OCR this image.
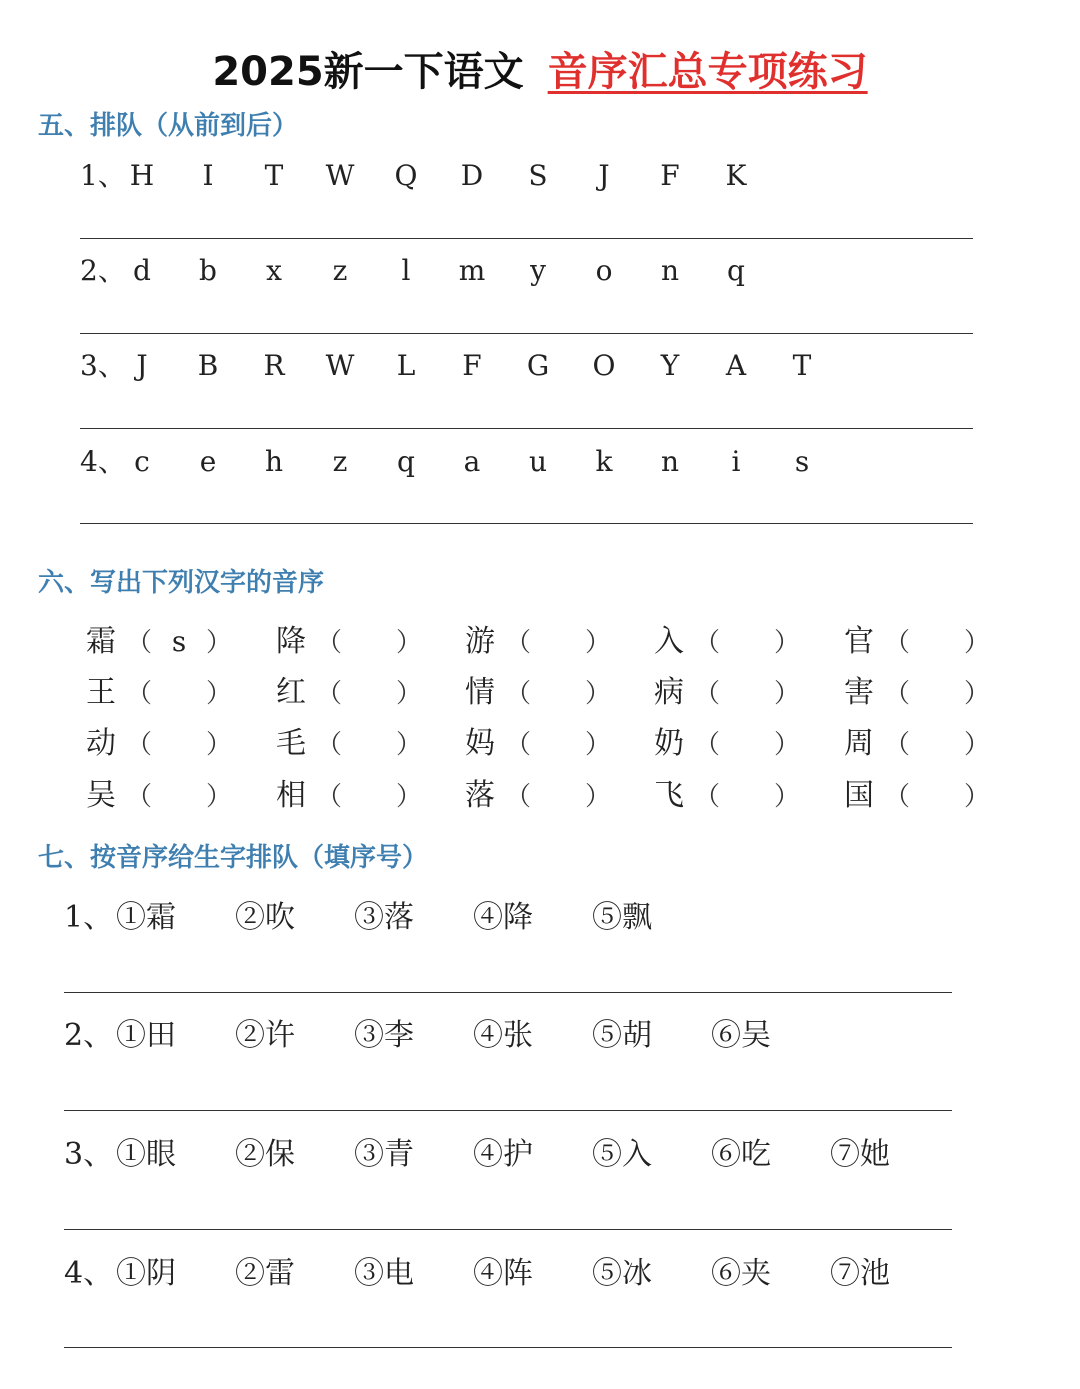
2025新一下语文 音序汇总专项练习
五、排队（从前到后）
1、 H	I	T	W	Q	D	S	J	F	K
2、 d	b	x	z	l	m	y	o	n	q
3、 J	B	R	W	L	F	G	O	Y	A	T
4、 c	e	h	z	q	a	u	k	n	i	s
六、写出下列汉字的音序
霜 （ s ） 降 （ ） 游 （ ） 入 （ ） 官 （ ）
王 （ ） 红 （ ） 情 （ ） 病 （ ） 害 （ ）
动 （ ） 毛 （ ） 妈 （ ） 奶 （ ） 周 （ ）
吴 （ ） 相 （ ） 落 （ ） 飞 （ ） 国 （ ）
七、按音序给生字排队（填序号）
1、 ①霜 ②吹 ③落 ④降 ⑤飘
2、 ①田 ②许 ③李 ④张 ⑤胡 ⑥吴
3、 ①眼 ②保 ③青 ④护 ⑤入 ⑥吃 ⑦她
4、 ①阴 ②雷 ③电 ④阵 ⑤冰 ⑥夹 ⑦池
